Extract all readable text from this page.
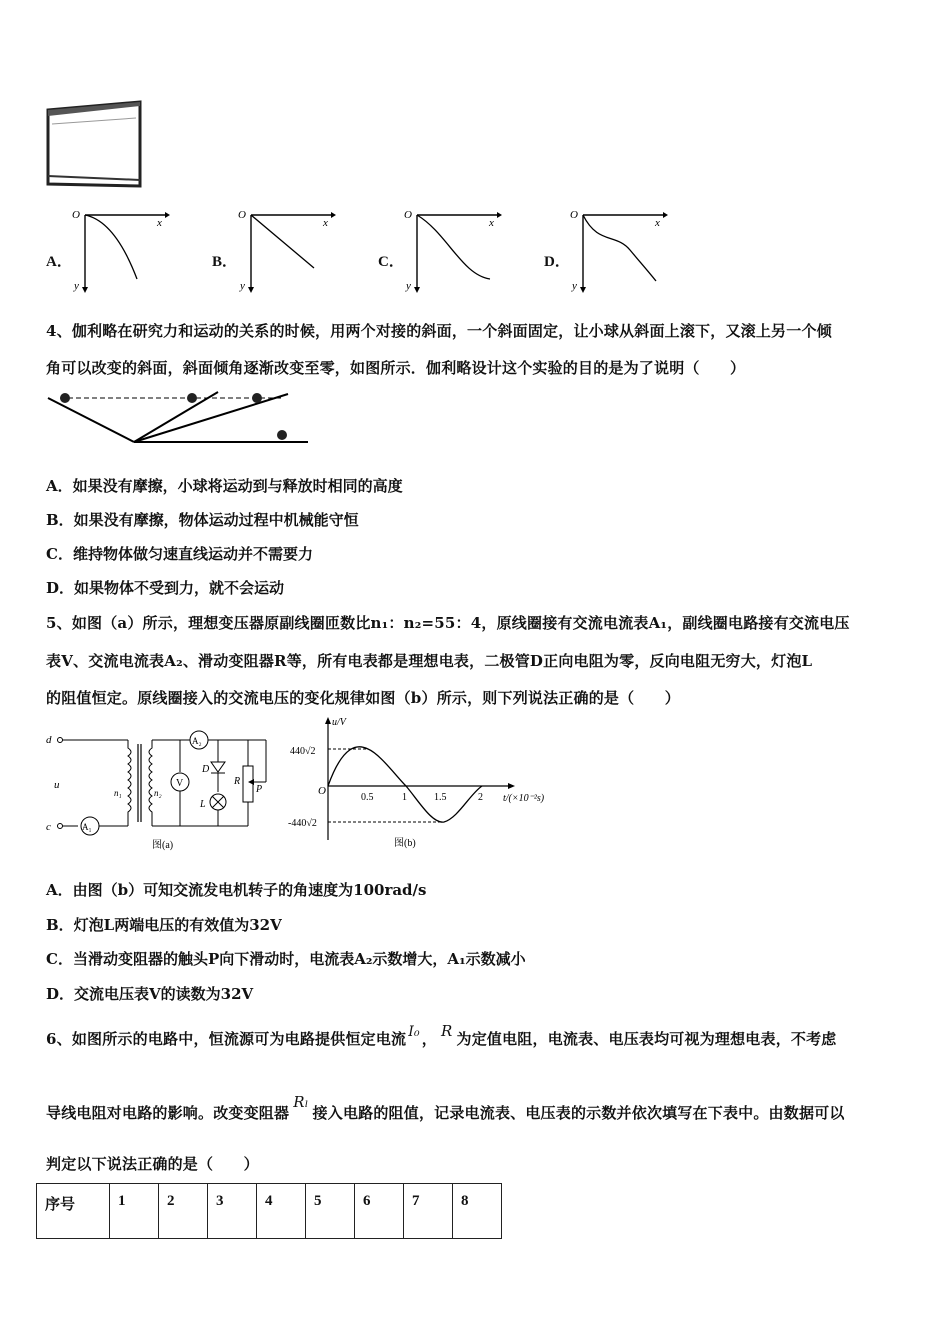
A．	B．	C．	D．
O
x
y
O
x
y
O
x
y
O
x
y
4、伽利略在研究力和运动的关系的时候，用两个对接的斜面，一个斜面固定，让小球从斜面上滚下，又滚上另一个倾
角可以改变的斜面，斜面倾角逐渐改变至零，如图所示．伽利略设计这个实验的目的是为了说明（　　）
A．如果没有摩擦，小球将运动到与释放时相同的高度
B．如果没有摩擦，物体运动过程中机械能守恒
C．维持物体做匀速直线运动并不需要力
D．如果物体不受到力，就不会运动
5、如图（a）所示，理想变压器原副线圈匝数比n₁：n₂=55：4，原线圈接有交流电流表A₁，副线圈电路接有交流电压
表V、交流电流表A₂、滑动变阻器R等，所有电表都是理想电表，二极管D正向电阻为零，反向电阻无穷大，灯泡L
的阻值恒定。原线圈接入的交流电压的变化规律如图（b）所示，则下列说法正确的是（　　）
d
c
u
A₁
n₁	n₂
A₂
V
D
L
R
P
图(a)
u/V
t/(×10⁻²s)
O
440√2
-440√2
0.5	1	1.5	2
图(b)
A．由图（b）可知交流发电机转子的角速度为100rad/s
B．灯泡L两端电压的有效值为32V
C．当滑动变阻器的触头P向下滑动时，电流表A₂示数增大，A₁示数减小
D．交流电压表V的读数为32V
6、如图所示的电路中，恒流源可为电路提供恒定电流 I₀ ， R 为定值电阻，电流表、电压表均可视为理想电表，不考虑
导线电阻对电路的影响。改变变阻器Rₗ接入电路的阻值，记录电流表、电压表的示数并依次填写在下表中。由数据可以
判定以下说法正确的是（　　）
序号	1	2	3	4	5	6	7	8
